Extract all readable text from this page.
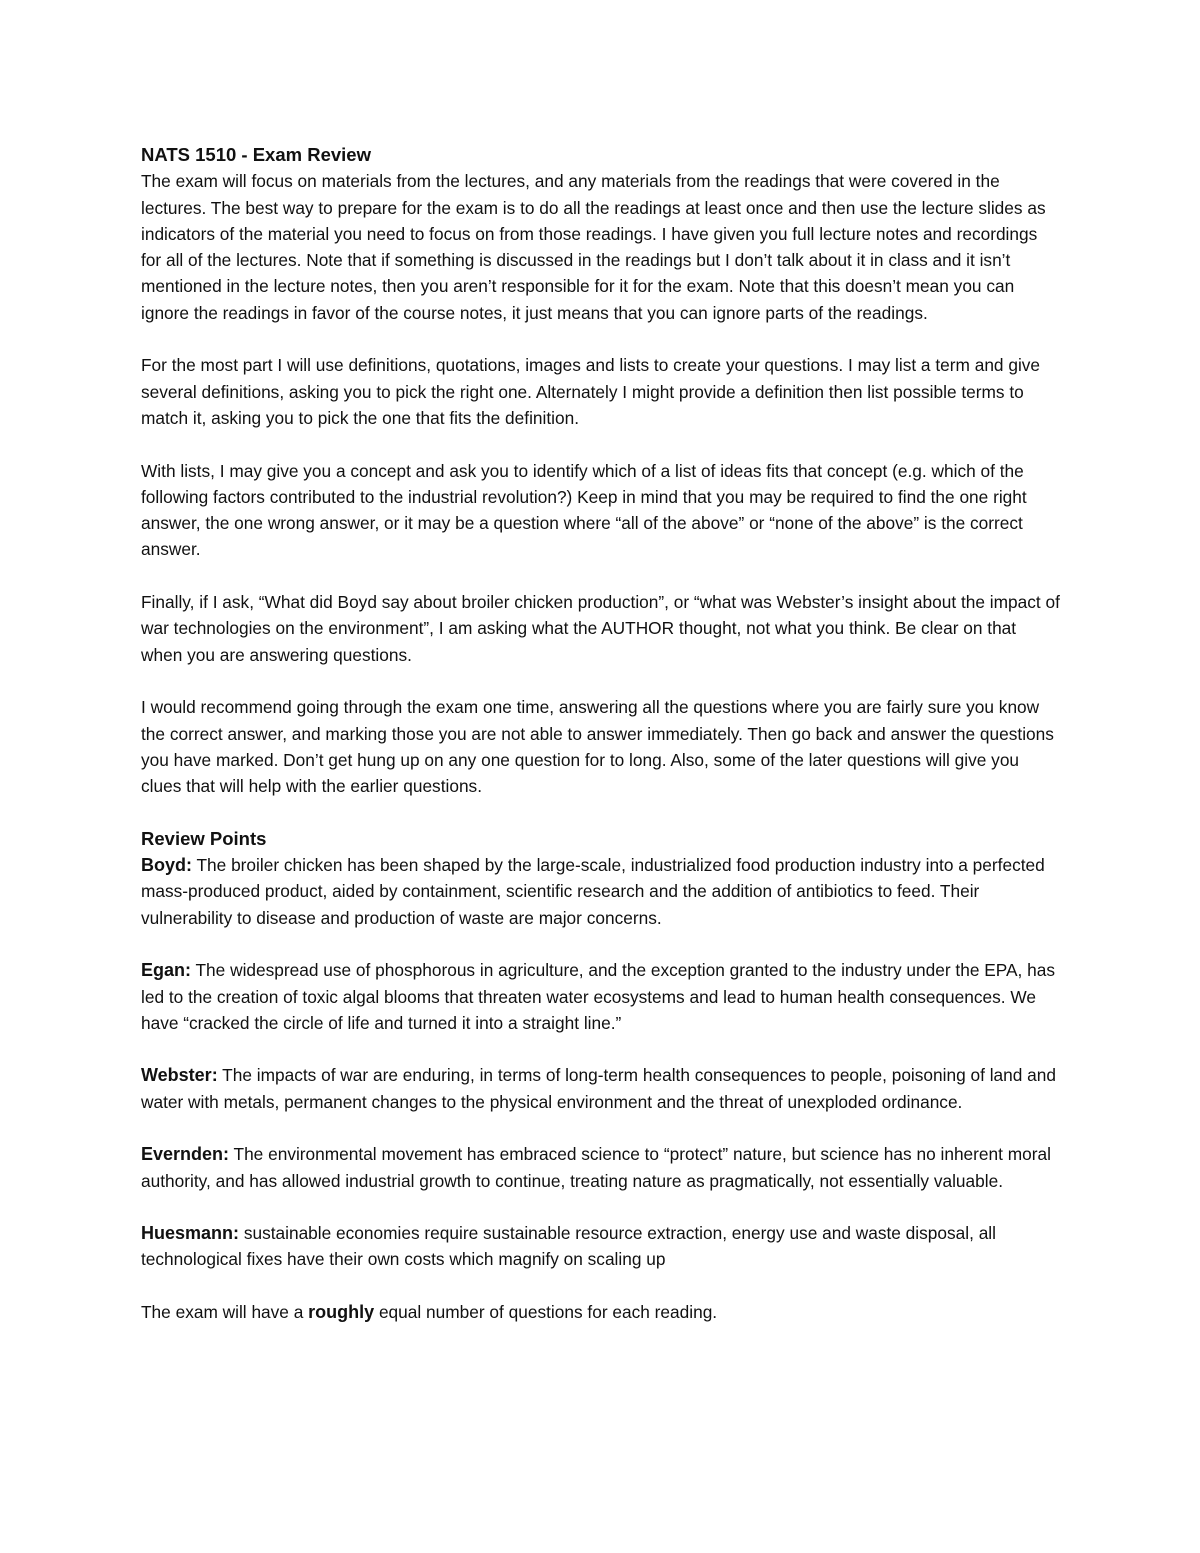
NATS 1510 - Exam Review

The exam will focus on materials from the lectures, and any materials from the readings that were covered in the lectures. The best way to prepare for the exam is to do all the readings at least once and then use the lecture slides as indicators of the material you need to focus on from those readings. I have given you full lecture notes and recordings for all of the lectures. Note that if something is discussed in the readings but I don’t talk about it in class and it isn’t mentioned in the lecture notes, then you aren’t responsible for it for the exam. Note that this doesn’t mean you can ignore the readings in favor of the course notes, it just means that you can ignore parts of the readings.

For the most part I will use definitions, quotations, images and lists to create your questions. I may list a term and give several definitions, asking you to pick the right one. Alternately I might provide a definition then list possible terms to match it, asking you to pick the one that fits the definition.

With lists, I may give you a concept and ask you to identify which of a list of ideas fits that concept (e.g. which of the following factors contributed to the industrial revolution?) Keep in mind that you may be required to find the one right answer, the one wrong answer, or it may be a question where “all of the above” or “none of the above” is the correct answer.

Finally, if I ask, “What did Boyd say about broiler chicken production”, or “what was Webster’s insight about the impact of war technologies on the environment”, I am asking what the AUTHOR thought, not what you think. Be clear on that when you are answering questions.

I would recommend going through the exam one time, answering all the questions where you are fairly sure you know the correct answer, and marking those you are not able to answer immediately. Then go back and answer the questions you have marked. Don’t get hung up on any one question for to long. Also, some of the later questions will give you clues that will help with the earlier questions.

Review Points

Boyd: The broiler chicken has been shaped by the large-scale, industrialized food production industry into a perfected mass-produced product, aided by containment, scientific research and the addition of antibiotics to feed. Their vulnerability to disease and production of waste are major concerns.

Egan: The widespread use of phosphorous in agriculture, and the exception granted to the industry under the EPA, has led to the creation of toxic algal blooms that threaten water ecosystems and lead to human health consequences. We have “cracked the circle of life and turned it into a straight line.”

Webster: The impacts of war are enduring, in terms of long-term health consequences to people, poisoning of land and water with metals, permanent changes to the physical environment and the threat of unexploded ordinance.

Evernden: The environmental movement has embraced science to “protect” nature, but science has no inherent moral authority, and has allowed industrial growth to continue, treating nature as pragmatically, not essentially valuable.

Huesmann: sustainable economies require sustainable resource extraction, energy use and waste disposal, all technological fixes have their own costs which magnify on scaling up

The exam will have a roughly equal number of questions for each reading.
